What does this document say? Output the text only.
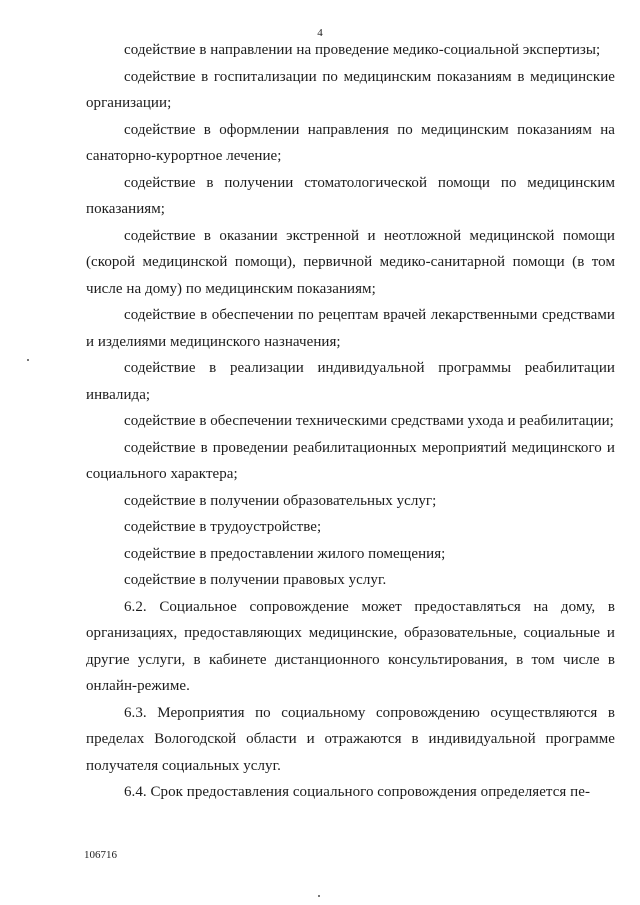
4

содействие в направлении на проведение медико-социальной экспертизы;

содействие в госпитализации по медицинским показаниям в медицинские организации;

содействие в оформлении направления по медицинским показаниям на санаторно-курортное лечение;

содействие в получении стоматологической помощи по медицинским показаниям;

содействие в оказании экстренной и неотложной медицинской помощи (скорой медицинской помощи), первичной медико-санитарной помощи (в том числе на дому) по медицинским показаниям;

содействие в обеспечении по рецептам врачей лекарственными средствами и изделиями медицинского назначения;

содействие в реализации индивидуальной программы реабилитации инвалида;

содействие в обеспечении техническими средствами ухода и реабилитации;

содействие в проведении реабилитационных мероприятий медицинского и социального характера;

содействие в получении образовательных услуг;

содействие в трудоустройстве;

содействие в предоставлении жилого помещения;

содействие в получении правовых услуг.

6.2. Социальное сопровождение может предоставляться на дому, в организациях, предоставляющих медицинские, образовательные, социальные и другие услуги, в кабинете дистанционного консультирования, в том числе в онлайн-режиме.

6.3. Мероприятия по социальному сопровождению осуществляются в пределах Вологодской области и отражаются в индивидуальной программе получателя социальных услуг.

6.4. Срок предоставления социального сопровождения определяется пе-

106716
